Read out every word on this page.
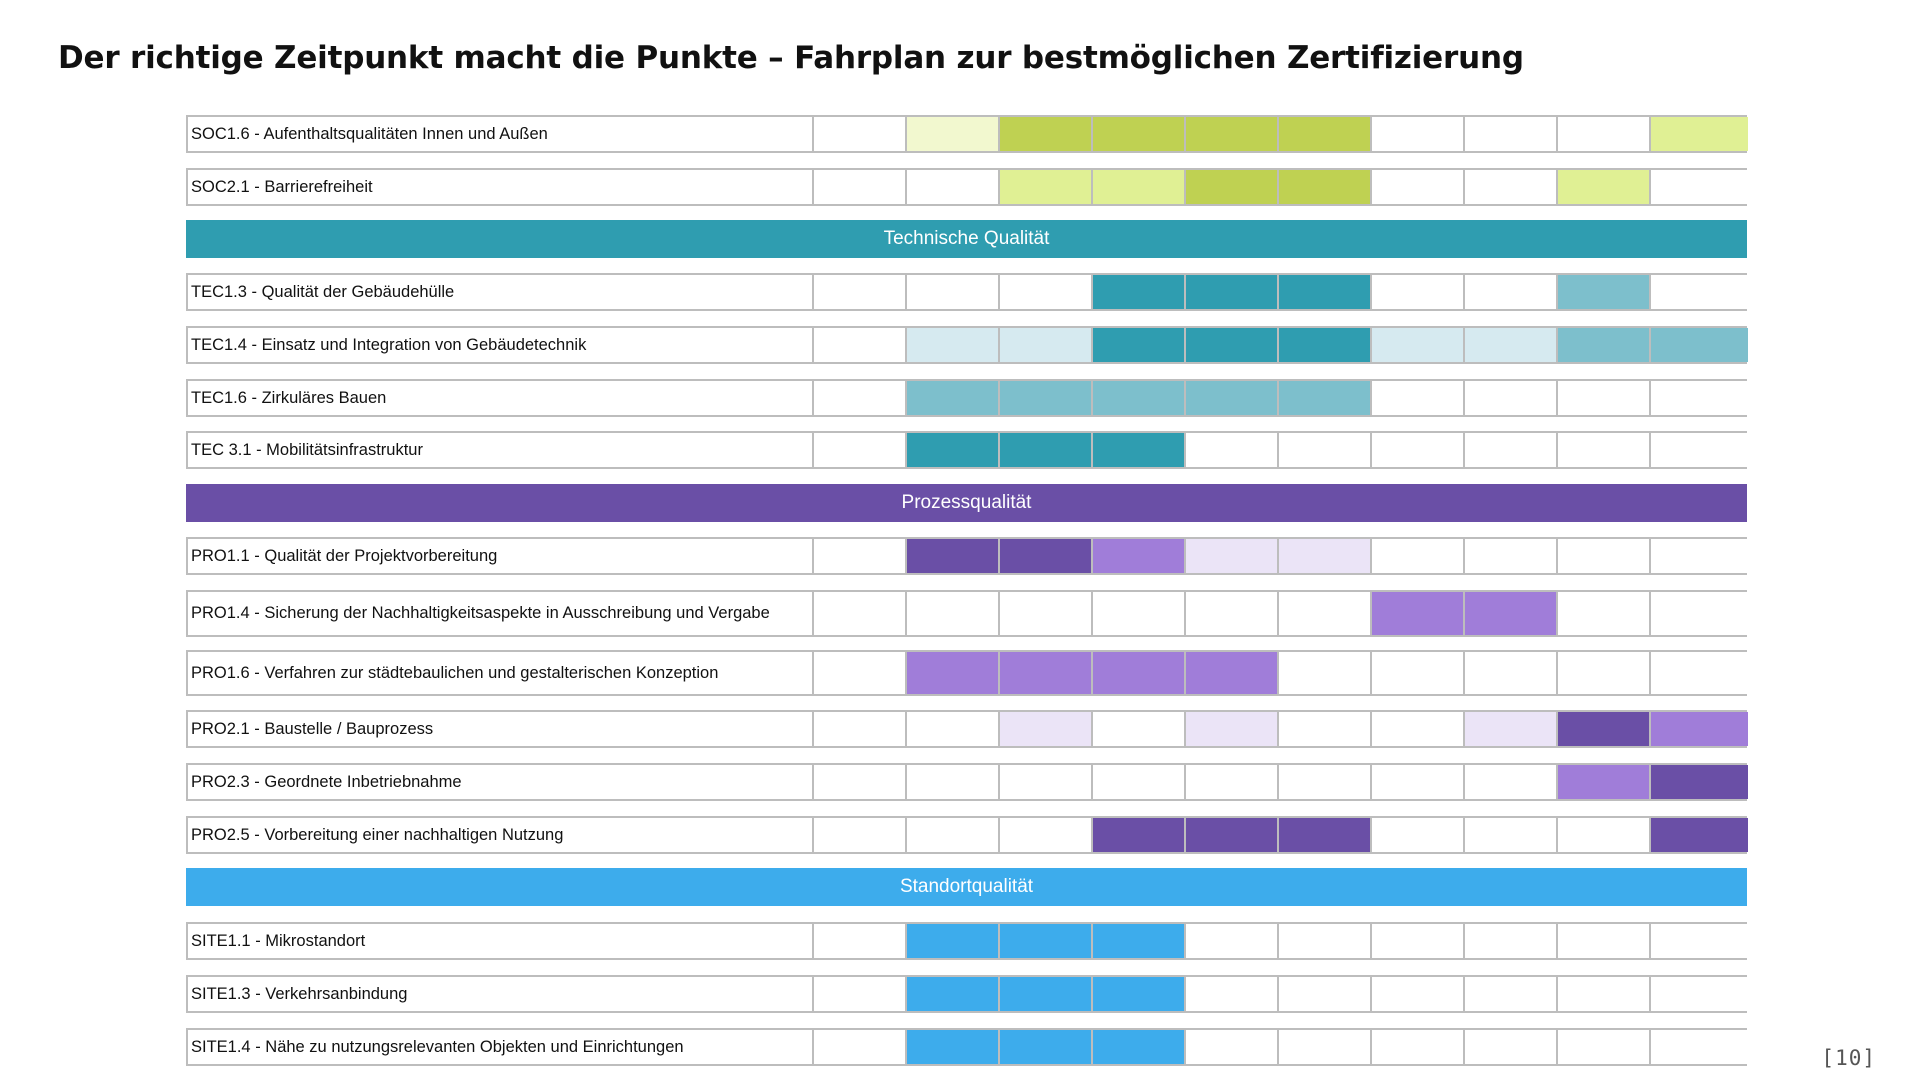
Der richtige Zeitpunkt macht die Punkte – Fahrplan zur bestmöglichen Zertifizierung
SOC1.6 - Aufenthaltsqualitäten Innen und Außen
SOC2.1 - Barrierefreiheit
Technische Qualität
TEC1.3 - Qualität der Gebäudehülle
TEC1.4 - Einsatz und Integration von Gebäudetechnik
TEC1.6 - Zirkuläres Bauen
TEC 3.1 - Mobilitätsinfrastruktur
Prozessqualität
PRO1.1 - Qualität der Projektvorbereitung
PRO1.4 - Sicherung der Nachhaltigkeitsaspekte in Ausschreibung und Vergabe
PRO1.6 - Verfahren zur städtebaulichen und gestalterischen Konzeption
PRO2.1 - Baustelle / Bauprozess
PRO2.3 - Geordnete Inbetriebnahme
PRO2.5 - Vorbereitung einer nachhaltigen Nutzung
Standortqualität
SITE1.1 - Mikrostandort
SITE1.3 - Verkehrsanbindung
SITE1.4 - Nähe zu nutzungsrelevanten Objekten und Einrichtungen	[10]
